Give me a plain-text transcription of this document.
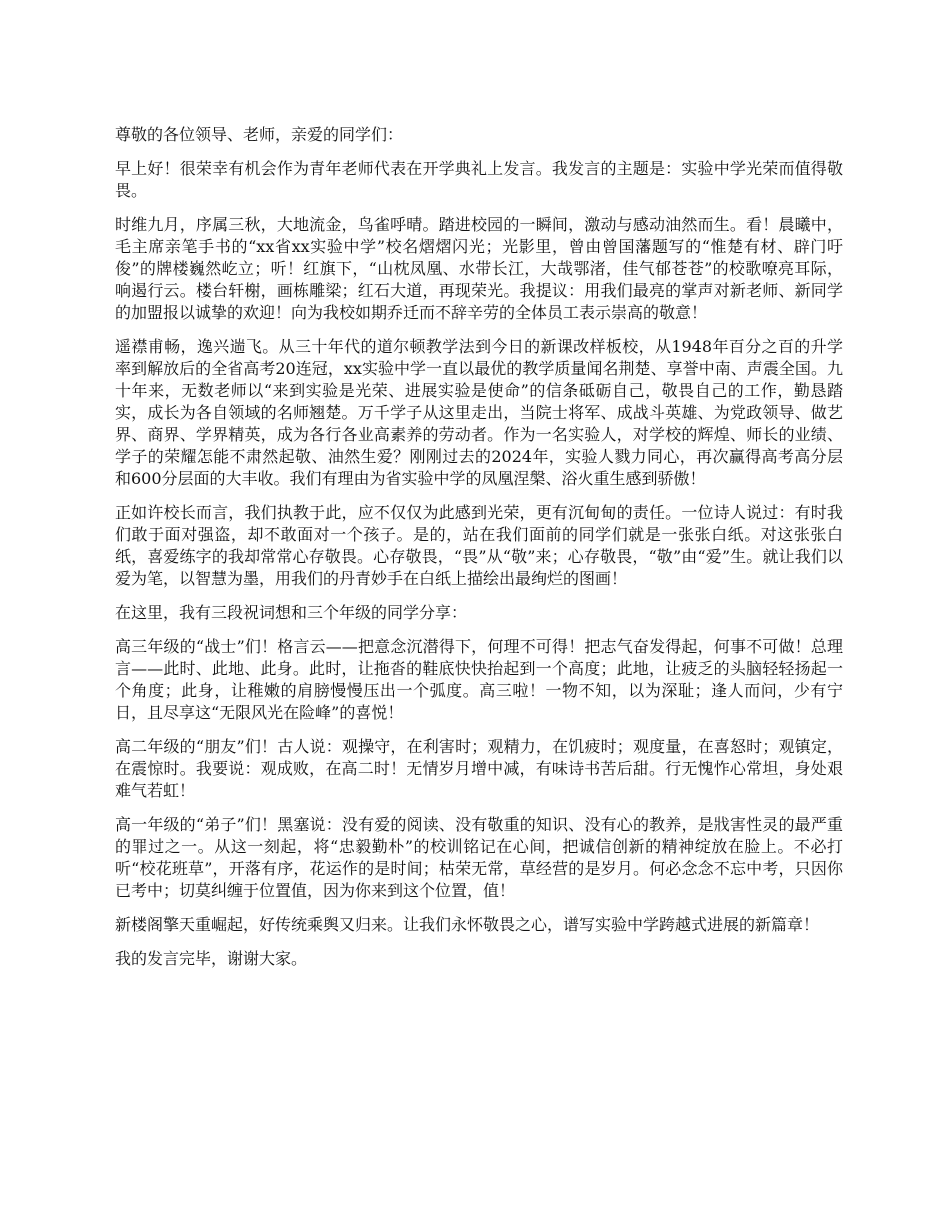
尊敬的各位领导、老师，亲爱的同学们：

早上好！很荣幸有机会作为青年老师代表在开学典礼上发言。我发言的主题是：实验中学光荣而值得敬畏。

时维九月，序属三秋，大地流金，鸟雀呼晴。踏进校园的一瞬间，激动与感动油然而生。看！晨曦中，毛主席亲笔手书的“xx省xx实验中学”校名熠熠闪光；光影里，曾由曾国藩题写的“惟楚有材、辟门吁俊”的牌楼巍然屹立；听！红旗下，“山枕凤凰、水带长江，大哉鄂渚，佳气郁苍苍”的校歌嘹亮耳际，响遏行云。楼台轩榭，画栋雕梁；红石大道，再现荣光。我提议：用我们最亮的掌声对新老师、新同学的加盟报以诚挚的欢迎！向为我校如期乔迁而不辞辛劳的全体员工表示崇高的敬意！

遥襟甫畅，逸兴遄飞。从三十年代的道尔顿教学法到今日的新课改样板校，从1948年百分之百的升学率到解放后的全省高考20连冠，xx实验中学一直以最优的教学质量闻名荆楚、享誉中南、声震全国。九十年来，无数老师以“来到实验是光荣、进展实验是使命”的信条砥砺自己，敬畏自己的工作，勤恳踏实，成长为各自领域的名师翘楚。万千学子从这里走出，当院士将军、成战斗英雄、为党政领导、做艺界、商界、学界精英，成为各行各业高素养的劳动者。作为一名实验人，对学校的辉煌、师长的业绩、学子的荣耀怎能不肃然起敬、油然生爱？刚刚过去的2024年，实验人戮力同心，再次赢得高考高分层和600分层面的大丰收。我们有理由为省实验中学的凤凰涅槃、浴火重生感到骄傲！

正如许校长而言，我们执教于此，应不仅仅为此感到光荣，更有沉甸甸的责任。一位诗人说过：有时我们敢于面对强盗，却不敢面对一个孩子。是的，站在我们面前的同学们就是一张张白纸。对这张张白纸，喜爱练字的我却常常心存敬畏。心存敬畏，“畏”从“敬”来；心存敬畏，“敬”由“爱”生。就让我们以爱为笔，以智慧为墨，用我们的丹青妙手在白纸上描绘出最绚烂的图画！

在这里，我有三段祝词想和三个年级的同学分享：

高三年级的“战士”们！格言云——把意念沉潜得下，何理不可得！把志气奋发得起，何事不可做！总理言——此时、此地、此身。此时，让拖沓的鞋底快快抬起到一个高度；此地，让疲乏的头脑轻轻扬起一个角度；此身，让稚嫩的肩膀慢慢压出一个弧度。高三啦！一物不知，以为深耻；逢人而问，少有宁日，且尽享这“无限风光在险峰”的喜悦！

高二年级的“朋友”们！古人说：观操守，在利害时；观精力，在饥疲时；观度量，在喜怒时；观镇定，在震惊时。我要说：观成败，在高二时！无情岁月增中减，有味诗书苦后甜。行无愧怍心常坦，身处艰难气若虹！

高一年级的“弟子”们！黑塞说：没有爱的阅读、没有敬重的知识、没有心的教养，是戕害性灵的最严重的罪过之一。从这一刻起，将“忠毅勤朴”的校训铭记在心间，把诚信创新的精神绽放在脸上。不必打听“校花班草”，开落有序，花运作的是时间；枯荣无常，草经营的是岁月。何必念念不忘中考，只因你已考中；切莫纠缠于位置值，因为你来到这个位置，值！

新楼阁擎天重崛起，好传统乘舆又归来。让我们永怀敬畏之心，谱写实验中学跨越式进展的新篇章！

我的发言完毕，谢谢大家。
